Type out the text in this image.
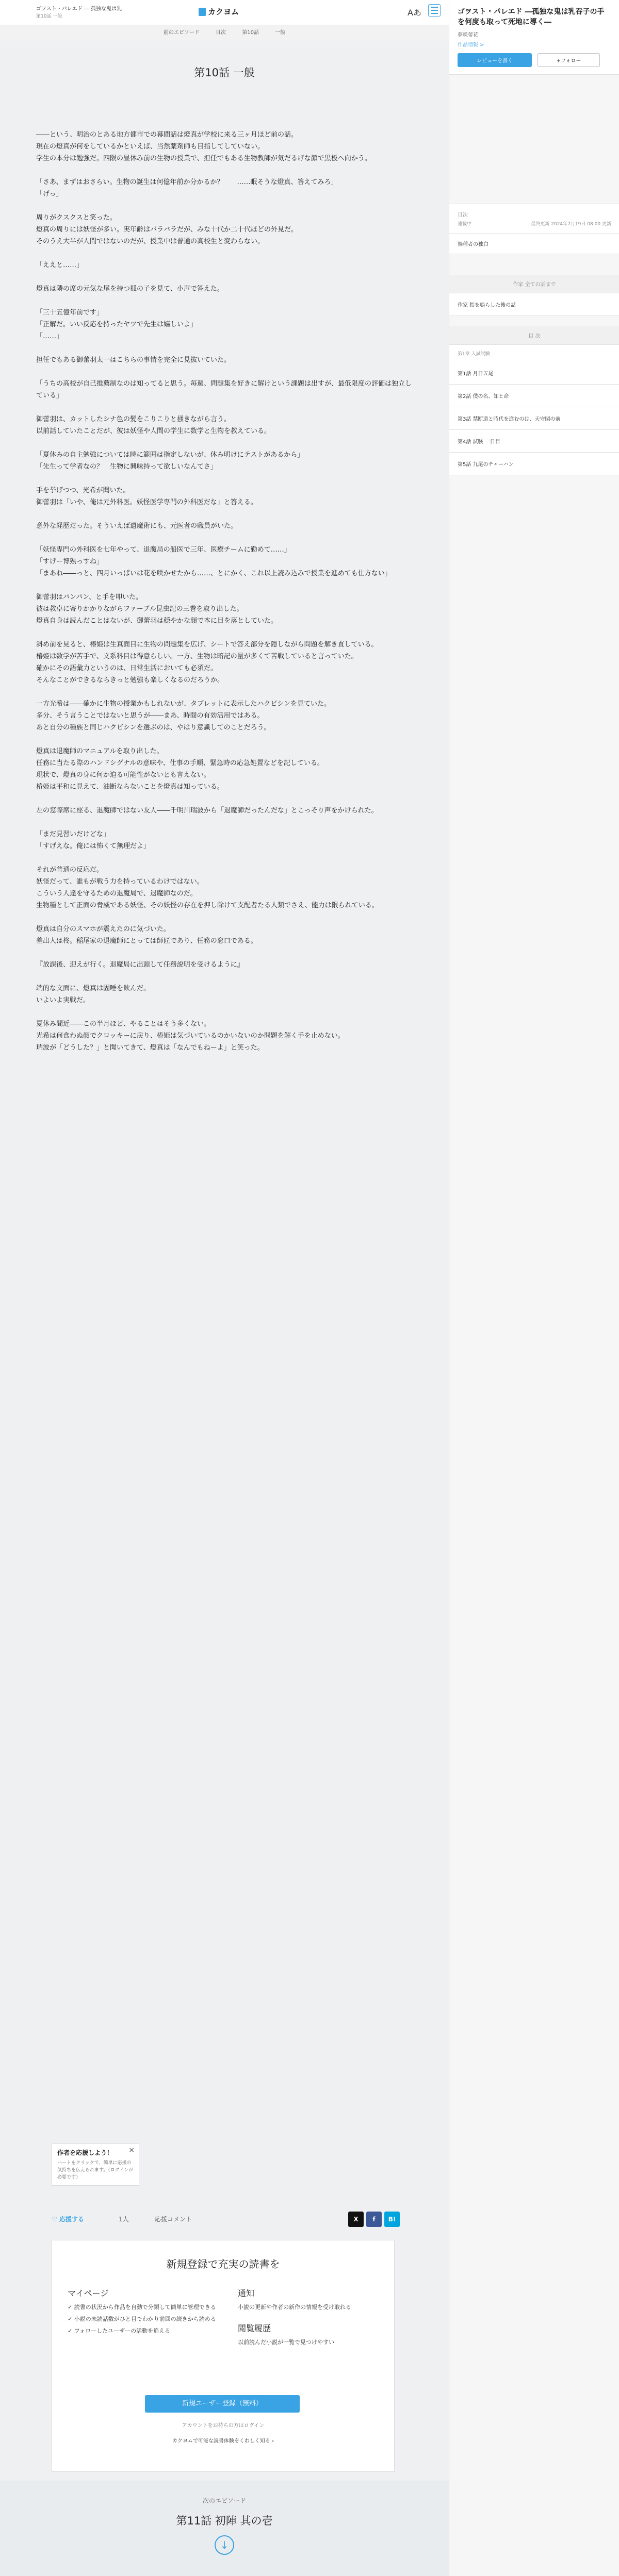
ゴヲスト・パレエド ― 孤独な鬼は乳
第10話 一般	カクヨム	Aあ
前のエピソード	目次	第10話	一般
第10話 一般

――という、明治のとある地方都市での幕間話は燈真が学校に来る三ヶ月ほど前の話。

現在の燈真が何をしているかといえば、当然薬剤師も目指してしていない。

学生の本分は勉強だ。四限の昼休み前の生物の授業で、担任でもある生物教師が気だるげな顔で黒板へ向かう。

「さあ、まずはおさらい。生物の誕生は何億年前か分かるか？　　……眠そうな燈真、答えてみろ」

「げっ」

周りがクスクスと笑った。

燈真の周りには妖怪が多い。実年齢はバラバラだが、みな十代か二十代ほどの外見だ。

そのうえ大半が人間ではないのだが、授業中は普通の高校生と変わらない。

「ええと……」

燈真は隣の席の元気な尾を持つ狐の子を見て、小声で答えた。

「三十五億年前です」

「正解だ。いい反応を持ったヤツで先生は嬉しいよ」

「……」

担任でもある御蕾羽太一はこちらの事情を完全に見抜いていた。

「うちの高校が自己推薦制なのは知ってると思う。毎週、問題集を好きに解けという課題は出すが、最低限度の評価は独立している」

御蕾羽は、カットしたシナ色の髪をこりこりと掻きながら言う。

以前話していたことだが、彼は妖怪や人間の学生に数学と生物を教えている。

「夏休みの自主勉強については時に範囲は指定しないが、休み明けにテストがあるから」

「先生って学者なの？　生物に興味持って欲しいなんてさ」

手を挙げつつ、光希が聞いた。

御蕾羽は「いや、俺は元外科医。妖怪医学専門の外科医だな」と答える。

意外な経歴だった。そういえば遺魔術にも、元医者の職員がいた。

「妖怪専門の外科医を七年やって、退魔局の船医で三年、医療チームに勤めて……」

「すげー博熟っすね」

「まあね――っと、四月いっぱいは花を咲かせたから……、とにかく、これ以上読み込みで授業を進めても仕方ない」

御蕾羽はパンパン、と手を叩いた。

彼は教卓に寄りかかりながらファーブル昆虫記の三巻を取り出した。

燈真自身は読んだことはないが、御蕾羽は穏やかな顔で本に目を落としていた。

斜め前を見ると、椿姫は生真面目に生物の問題集を広げ、シートで答え部分を隠しながら問題を解き直している。

椿姫は数学が苦手で、文系科目は得意らしい。一方、生物は暗記の量が多くて苦戦していると言っていた。

確かにその語彙力というのは、日常生活においても必須だ。

そんなことができるならきっと勉強も楽しくなるのだろうか。

一方光希は――確かに生物の授業かもしれないが、タブレットに表示したハクビシンを見ていた。

多分、そう言うことではないと思うが――まあ、時間の有効活用ではある。

あと自分の種族と同じハクビシンを選ぶのは、やはり意識してのことだろう。

燈真は退魔師のマニュアルを取り出した。

任務に当たる際のハンドシグナルの意味や、仕事の手順、緊急時の応急処置などを記している。

現状で、燈真の身に何か迫る可能性がないとも言えない。

椿姫は平和に見えて、油断ならないことを燈真は知っている。

左の窓際席に座る、退魔師ではない友人――千明川瑞波から「退魔師だったんだな」とこっそり声をかけられた。

「まだ見習いだけどな」

「すげえな。俺には怖くて無理だよ」

それが普通の反応だ。

妖怪だって、誰もが戦う力を持っているわけではない。

こういう人達を守るための退魔局で、退魔師なのだ。

生物種として正面の脅威である妖怪、その妖怪の存在を押し除けて支配者たる人類でさえ、能力は限られている。

燈真は自分のスマホが震えたのに気づいた。

差出人は柊。稲尾家の退魔師にとっては師匠であり、任務の窓口である。

『放課後、迎えが行く。退魔局に出頭して任務説明を受けるように』

端的な文面に、燈真は固唾を飲んだ。

いよいよ実戦だ。

夏休み間近――この半月ほど、やることはそう多くない。

光希は何食わぬ顔でクロッキーに戻り、椿姫は気づいているのかいないのか問題を解く手を止めない。

瑞波が「どうした？」と聞いてきて、燈真は「なんでもねーよ」と笑った。

作者を応援しよう！
ハートをクリックで、簡単に応援の気持ちを伝えられます。（ログインが必要です）
×
♡ 応援する	1人	応援コメント	X	f	B!
新規登録で充実の読書を
マイページ
✓ 読書の状況から作品を自動で分類して簡単に管理できる
✓ 小説の未読話数がひと目でわかり前回の続きから読める
✓ フォローしたユーザーの活動を追える
通知
小説の更新や作者の新作の情報を受け取れる
閲覧履歴
以前読んだ小説が一覧で見つけやすい
新規ユーザー登録（無料）
アカウントをお持ちの方はログイン
カクヨムで可能な読書体験をくわしく知る ›
次のエピソード
第11話 初陣 其の壱
↓
ゴヲスト・パレエド ―孤独な鬼は乳吞子の手を何度も取って死地に導く―
夢咲蕾花
作品情報 >
レビューを書く	+フォロー
目次
連載中	最終更新 2024年7月19日 08:00 更新
禍種者の独白
作家 全ての話まで
作家 指を鳴らした後の話
目 次
第1章 入試試験
第1話 月日五尾
第2話 僕の名、知と命
第3話 禁断道と時代を進むのは、天守閣の前
第4話 試験 一日目
第5話 九尾のチャーハン
